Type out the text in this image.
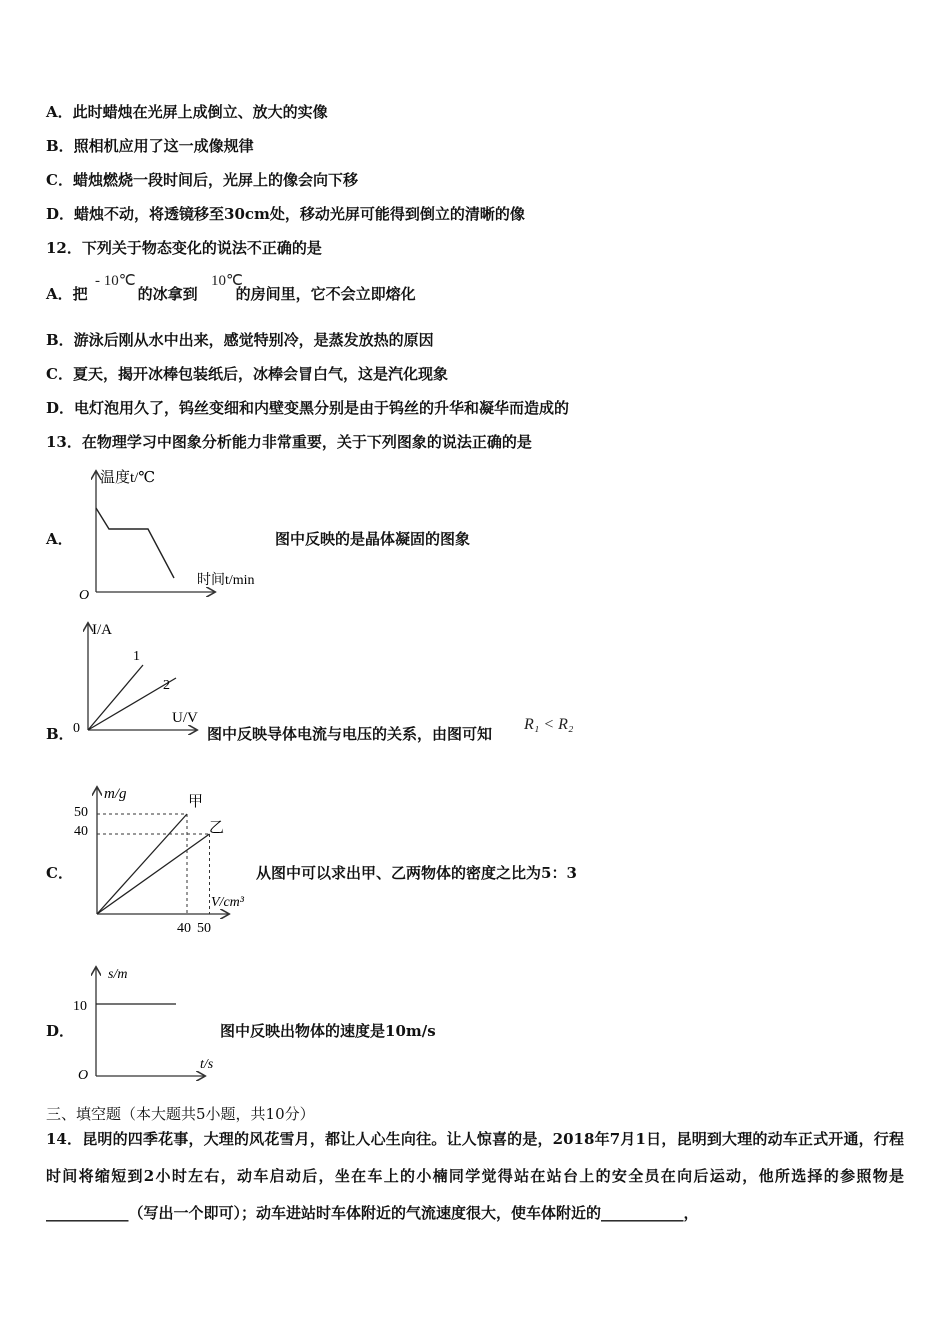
A．此时蜡烛在光屏上成倒立、放大的实像
B．照相机应用了这一成像规律
C．蜡烛燃烧一段时间后，光屏上的像会向下移
D．蜡烛不动，将透镜移至30cm处，移动光屏可能得到倒立的清晰的像
12．下列关于物态变化的说法不正确的是
A．把	的冰拿到	的房间里，它不会立即熔化
- 10℃	10℃
B．游泳后刚从水中出来，感觉特别冷，是蒸发放热的原因
C．夏天，揭开冰棒包装纸后，冰棒会冒白气，这是汽化现象
D．电灯泡用久了，钨丝变细和内壁变黑分别是由于钨丝的升华和凝华而造成的
13．在物理学习中图象分析能力非常重要，关于下列图象的说法正确的是
A．
温度t/℃
时间t/min
O
图中反映的是晶体凝固的图象
B．
I/A
U/V
0
1
2
图中反映导体电流与电压的关系，由图可知
R₁ < R₂
C．
m/g
V/cm³
50
40
40 50
甲
乙
从图中可以求出甲、乙两物体的密度之比为5：3
D．
s/m
t/s
10
O
图中反映出物体的速度是10m/s
三、填空题（本大题共5小题，共10分）
14．昆明的四季花事，大理的风花雪月，都让人心生向往。让人惊喜的是，2018年7月1日，昆明到大理的动车正式开通，行程时间将缩短到2小时左右，动车启动后，坐在车上的小楠同学觉得站在站台上的安全员在向后运动，他所选择的参照物是___________（写出一个即可）；动车进站时车体附近的气流速度很大，使车体附近的___________，
